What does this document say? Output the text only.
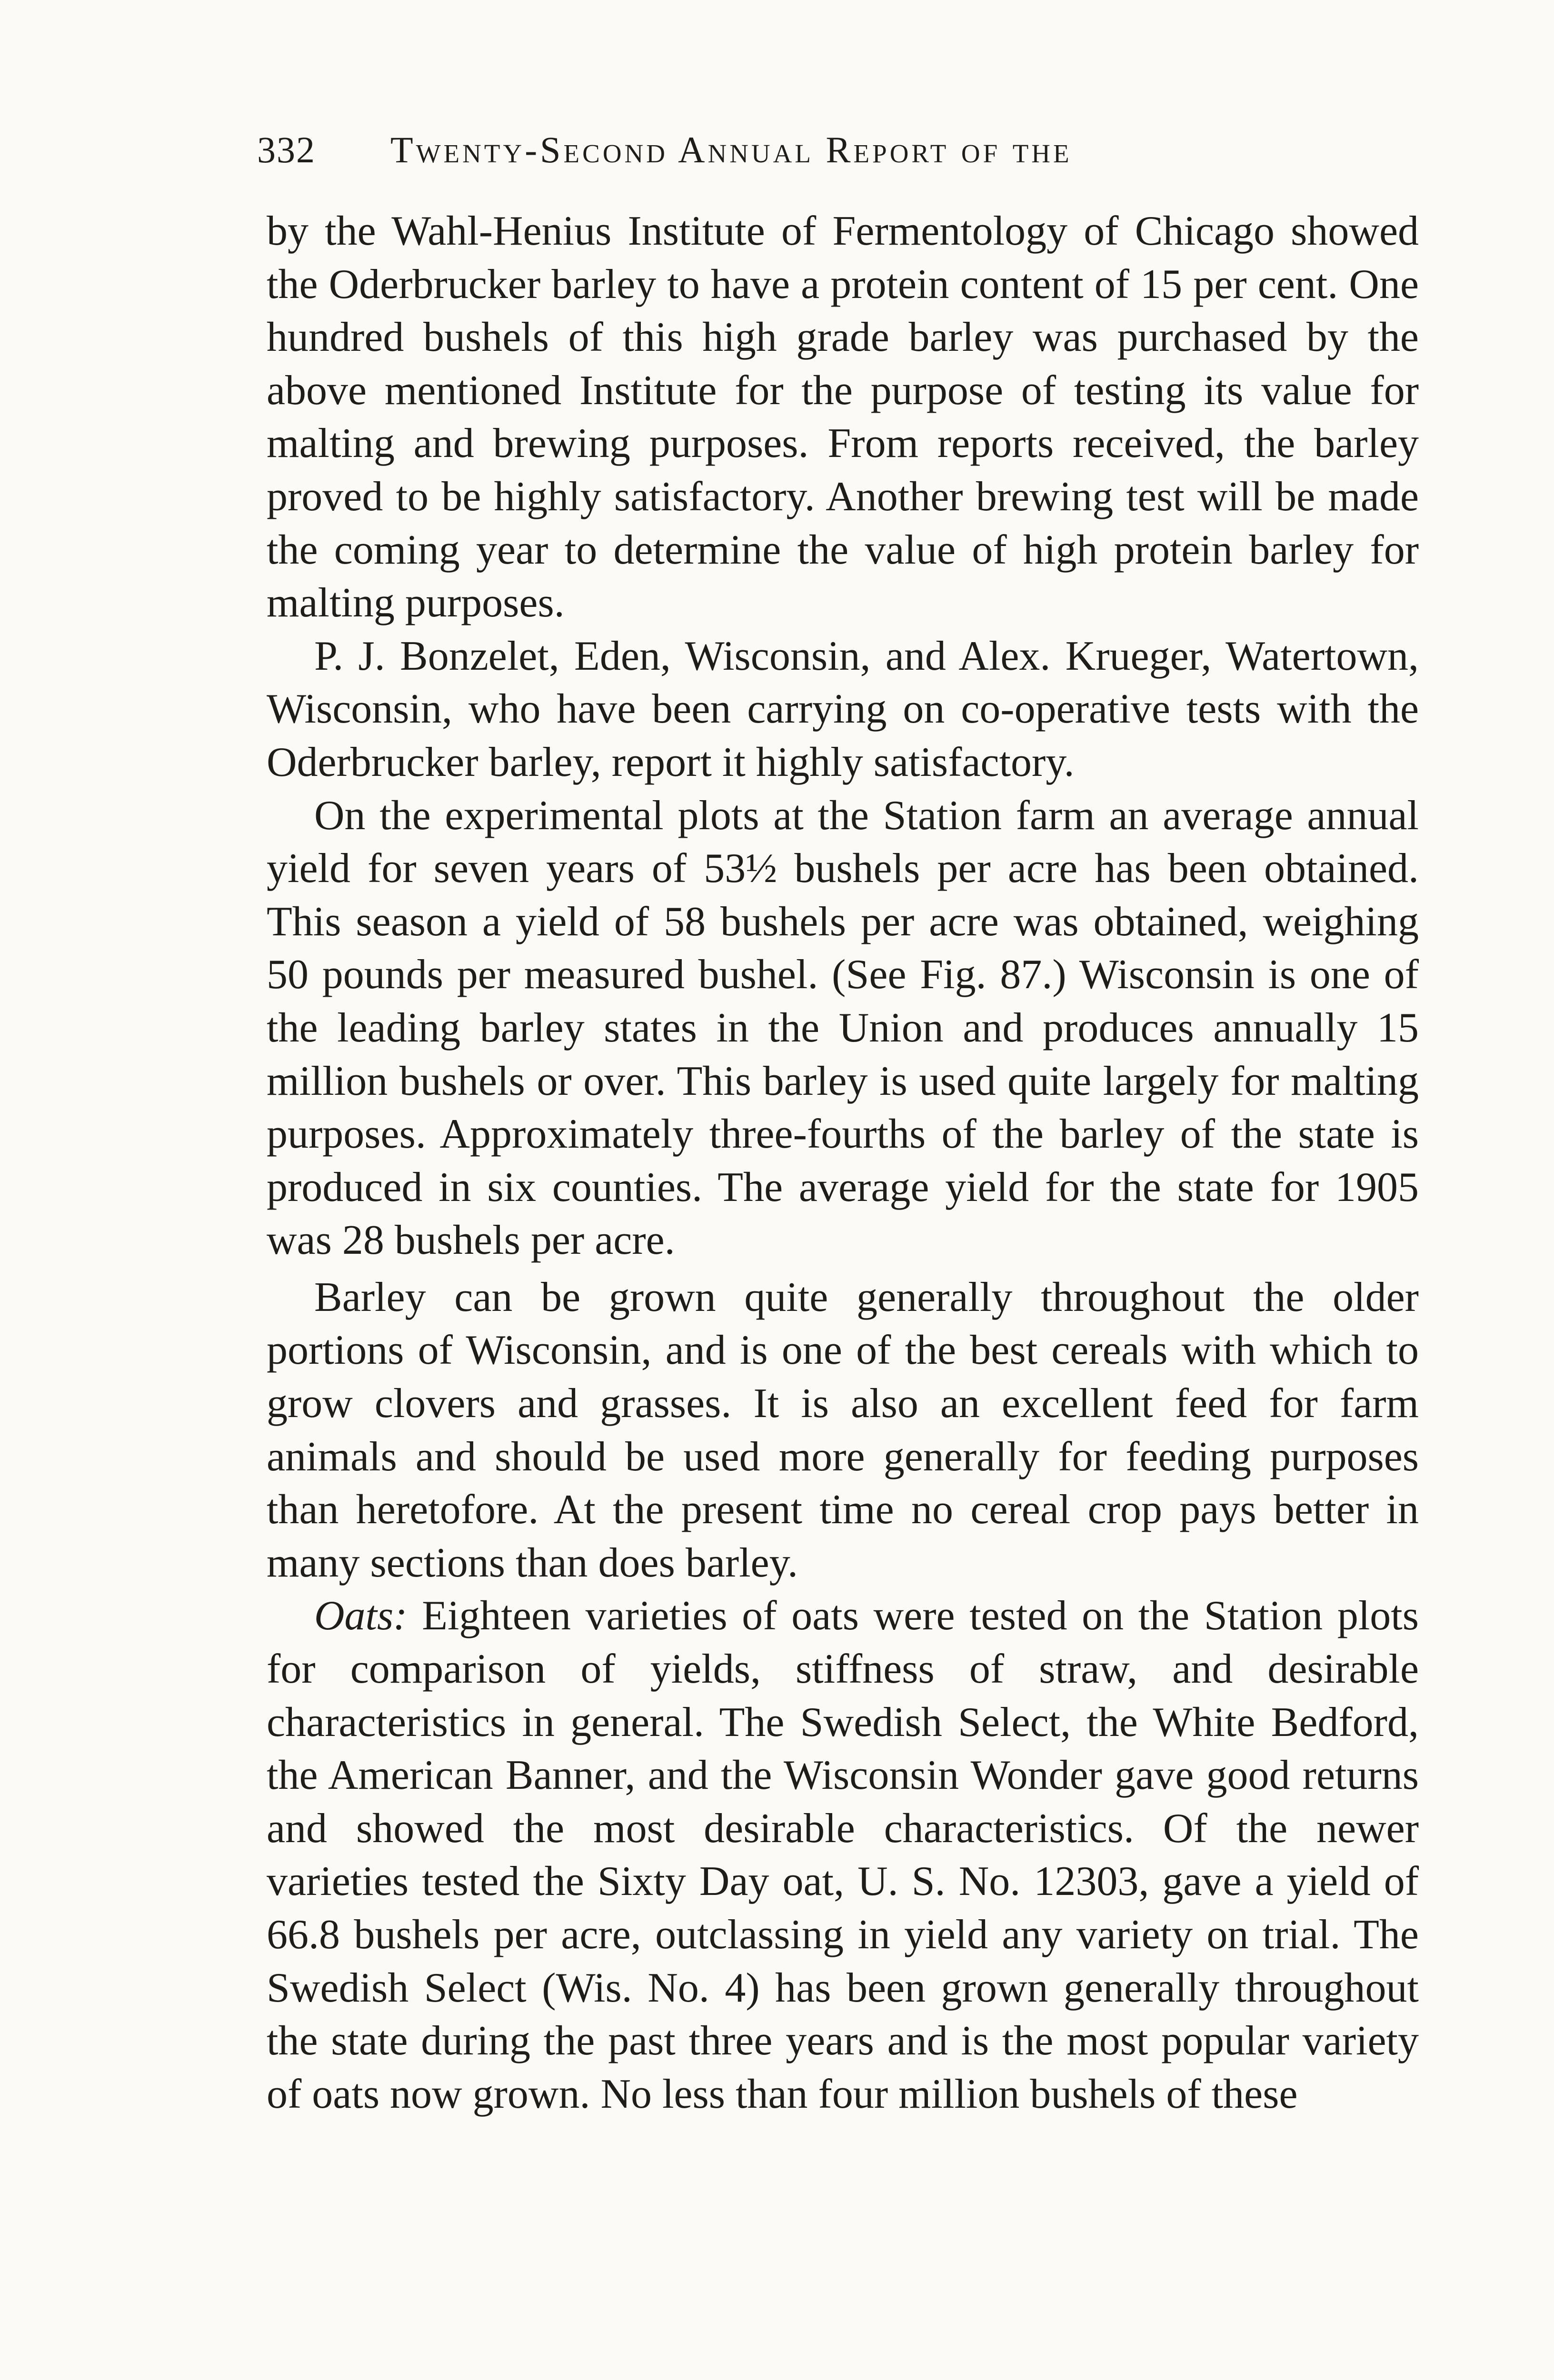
332 Twenty-Second Annual Report of the

by the Wahl-Henius Institute of Fermentology of Chicago showed the Oderbrucker barley to have a protein content of 15 per cent. One hundred bushels of this high grade barley was purchased by the above mentioned Institute for the purpose of testing its value for malting and brewing purposes. From reports received, the barley proved to be highly satisfactory. Another brewing test will be made the coming year to determine the value of high protein barley for malting purposes.

P. J. Bonzelet, Eden, Wisconsin, and Alex. Krueger, Watertown, Wisconsin, who have been carrying on co-operative tests with the Oderbrucker barley, report it highly satisfactory.

On the experimental plots at the Station farm an average annual yield for seven years of 53½ bushels per acre has been obtained. This season a yield of 58 bushels per acre was obtained, weighing 50 pounds per measured bushel. (See Fig. 87.) Wisconsin is one of the leading barley states in the Union and produces annually 15 million bushels or over. This barley is used quite largely for malting purposes. Approximately three-fourths of the barley of the state is produced in six counties. The average yield for the state for 1905 was 28 bushels per acre.

Barley can be grown quite generally throughout the older portions of Wisconsin, and is one of the best cereals with which to grow clovers and grasses. It is also an excellent feed for farm animals and should be used more generally for feeding purposes than heretofore. At the present time no cereal crop pays better in many sections than does barley.

Oats: Eighteen varieties of oats were tested on the Station plots for comparison of yields, stiffness of straw, and desirable characteristics in general. The Swedish Select, the White Bedford, the American Banner, and the Wisconsin Wonder gave good returns and showed the most desirable characteristics. Of the newer varieties tested the Sixty Day oat, U. S. No. 12303, gave a yield of 66.8 bushels per acre, outclassing in yield any variety on trial. The Swedish Select (Wis. No. 4) has been grown generally throughout the state during the past three years and is the most popular variety of oats now grown. No less than four million bushels of these
